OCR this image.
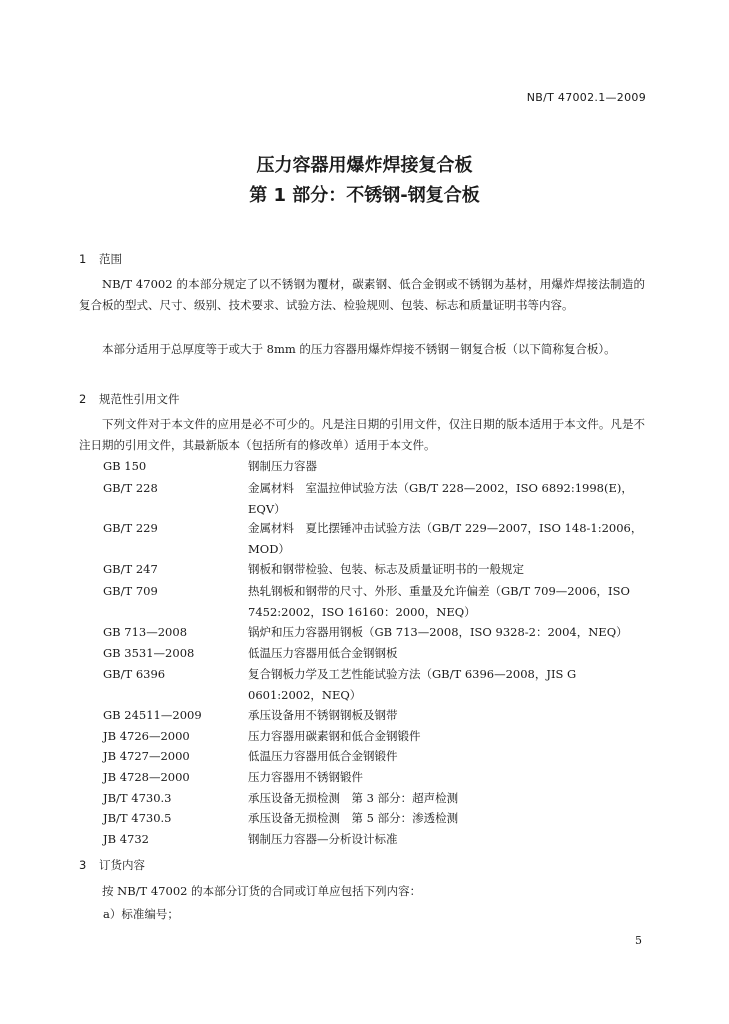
NB/T 47002.1—2009
压力容器用爆炸焊接复合板
第 1 部分：不锈钢-钢复合板
1 范围

NB/T 47002 的本部分规定了以不锈钢为覆材，碳素钢、低合金钢或不锈钢为基材，用爆炸焊接法制造的复合板的型式、尺寸、级别、技术要求、试验方法、检验规则、包装、标志和质量证明书等内容。

本部分适用于总厚度等于或大于 8mm 的压力容器用爆炸焊接不锈钢－钢复合板（以下简称复合板）。

2 规范性引用文件

下列文件对于本文件的应用是必不可少的。凡是注日期的引用文件，仅注日期的版本适用于本文件。凡是不注日期的引用文件，其最新版本（包括所有的修改单）适用于本文件。

GB 150	钢制压力容器
GB/T 228	金属材料　室温拉伸试验方法（GB/T 228—2002，ISO 6892:1998(E)，EQV）
GB/T 229	金属材料　夏比摆锤冲击试验方法（GB/T 229—2007，ISO 148-1:2006，MOD）
GB/T 247	钢板和钢带检验、包装、标志及质量证明书的一般规定
GB/T 709	热轧钢板和钢带的尺寸、外形、重量及允许偏差（GB/T 709—2006，ISO 7452:2002，ISO 16160：2000，NEQ）
GB 713—2008	锅炉和压力容器用钢板（GB 713—2008，ISO 9328-2：2004，NEQ）
GB 3531—2008	低温压力容器用低合金钢钢板
GB/T 6396	复合钢板力学及工艺性能试验方法（GB/T 6396—2008，JIS G 0601:2002，NEQ）
GB 24511—2009	承压设备用不锈钢钢板及钢带
JB 4726—2000	压力容器用碳素钢和低合金钢锻件
JB 4727—2000	低温压力容器用低合金钢锻件
JB 4728—2000	压力容器用不锈钢锻件
JB/T 4730.3	承压设备无损检测　第 3 部分：超声检测
JB/T 4730.5	承压设备无损检测　第 5 部分：渗透检测
JB 4732	钢制压力容器—分析设计标准
3 订货内容

按 NB/T 47002 的本部分订货的合同或订单应包括下列内容：

a）标准编号；
5
